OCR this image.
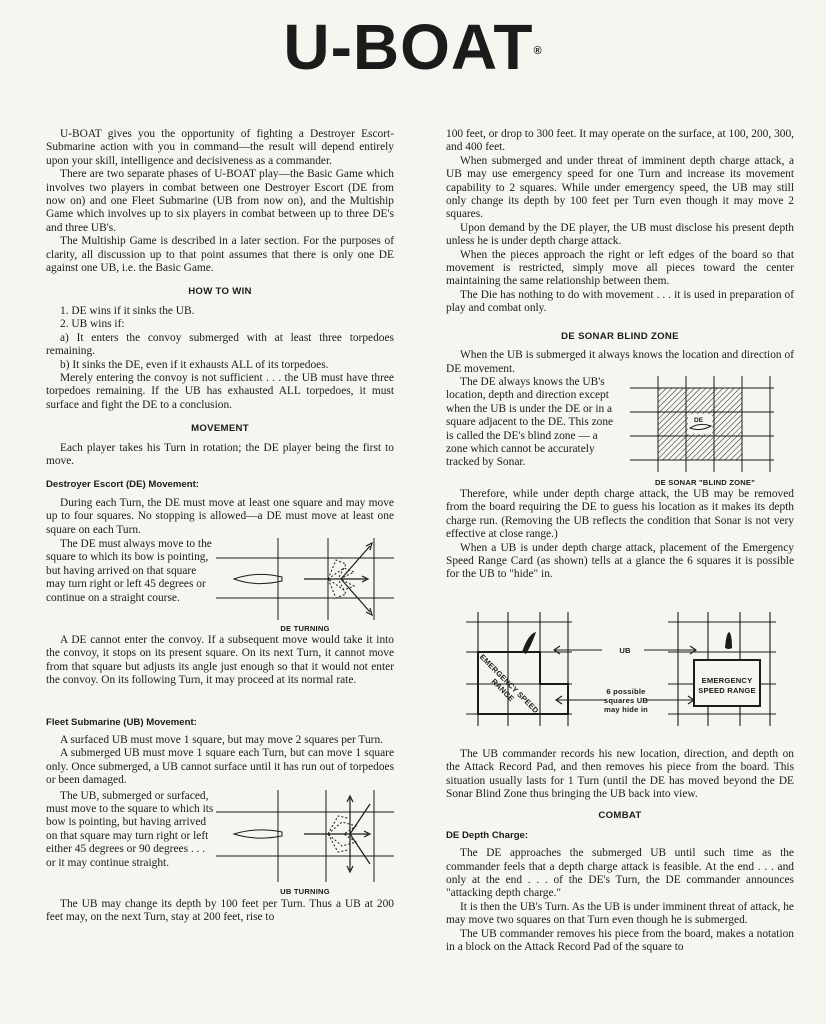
U-BOAT®

U-BOAT gives you the opportunity of fighting a Destroyer Escort-Submarine action with you in command—the result will depend entirely upon your skill, intelligence and decisiveness as a commander.

There are two separate phases of U-BOAT play—the Basic Game which involves two players in combat between one Destroyer Escort (DE from now on) and one Fleet Submarine (UB from now on), and the Multiship Game which involves up to six players in combat between up to three DE's and three UB's.

The Multiship Game is described in a later section. For the purposes of clarity, all discussion up to that point assumes that there is only one DE against one UB, i.e. the Basic Game.

HOW TO WIN

1. DE wins if it sinks the UB.

2. UB wins if:

a) It enters the convoy submerged with at least three torpedoes remaining.

b) It sinks the DE, even if it exhausts ALL of its torpedoes.

Merely entering the convoy is not sufficient . . . the UB must have three torpedoes remaining. If the UB has exhausted ALL torpedoes, it must surface and fight the DE to a conclusion.

MOVEMENT

Each player takes his Turn in rotation; the DE player being the first to move.

Destroyer Escort (DE) Movement:

During each Turn, the DE must move at least one square and may move up to four squares. No stopping is allowed—a DE must move at least one square on each Turn.

DE TURNING

The DE must always move to the square to which its bow is pointing, but having arrived on that square may turn right or left 45 degrees or continue on a straight course.

A DE cannot enter the convoy. If a subsequent move would take it into the convoy, it stops on its present square. On its next Turn, it cannot move from that square but adjusts its angle just enough so that it would not enter the convoy. On its following Turn, it may proceed at its normal rate.

Fleet Submarine (UB) Movement:

A surfaced UB must move 1 square, but may move 2 squares per Turn.

A submerged UB must move 1 square each Turn, but can move 1 square only. Once submerged, a UB cannot surface until it has run out of torpedoes or been damaged.

UB TURNING

The UB, submerged or surfaced, must move to the square to which its bow is pointing, but having arrived on that square may turn right or left either 45 degrees or 90 degrees . . . or it may continue straight.

The UB may change its depth by 100 feet per Turn. Thus a UB at 200 feet may, on the next Turn, stay at 200 feet, rise to

100 feet, or drop to 300 feet. It may operate on the surface, at 100, 200, 300, and 400 feet.

When submerged and under threat of imminent depth charge attack, a UB may use emergency speed for one Turn and increase its movement capability to 2 squares. While under emergency speed, the UB may still only change its depth by 100 feet per Turn even though it may move 2 squares.

Upon demand by the DE player, the UB must disclose his present depth unless he is under depth charge attack.

When the pieces approach the right or left edges of the board so that movement is restricted, simply move all pieces toward the center maintaining the same relationship between them.

The Die has nothing to do with movement . . . it is used in preparation of play and combat only.

DE SONAR BLIND ZONE

When the UB is submerged it always knows the location and direction of DE movement.

DE
DE SONAR "BLIND ZONE"

The DE always knows the UB's location, depth and direction except when the UB is under the DE or in a square adjacent to the DE. This zone is called the DE's blind zone — a zone which cannot be accurately tracked by Sonar.

Therefore, while under depth charge attack, the UB may be removed from the board requiring the DE to guess his location as it makes its depth charge run. (Removing the UB reflects the condition that Sonar is not very effective at close range.)

When a UB is under depth charge attack, placement of the Emergency Speed Range Card (as shown) tells at a glance the 6 squares it is possible for the UB to "hide" in.

UB
EMERGENCY SPEED RANGE	EMERGENCY
SPEED RANGE
6 possible
squares UB
may hide in

The UB commander records his new location, direction, and depth on the Attack Record Pad, and then removes his piece from the board. This situation usually lasts for 1 Turn (until the DE has moved beyond the DE Sonar Blind Zone thus bringing the UB back into view.

COMBAT
DE Depth Charge:

The DE approaches the submerged UB until such time as the commander feels that a depth charge attack is feasible. At the end . . . and only at the end . . . of the DE's Turn, the DE commander announces "attacking depth charge."

It is then the UB's Turn. As the UB is under imminent threat of attack, he may move two squares on that Turn even though he is submerged.

The UB commander removes his piece from the board, makes a notation in a block on the Attack Record Pad of the square to
